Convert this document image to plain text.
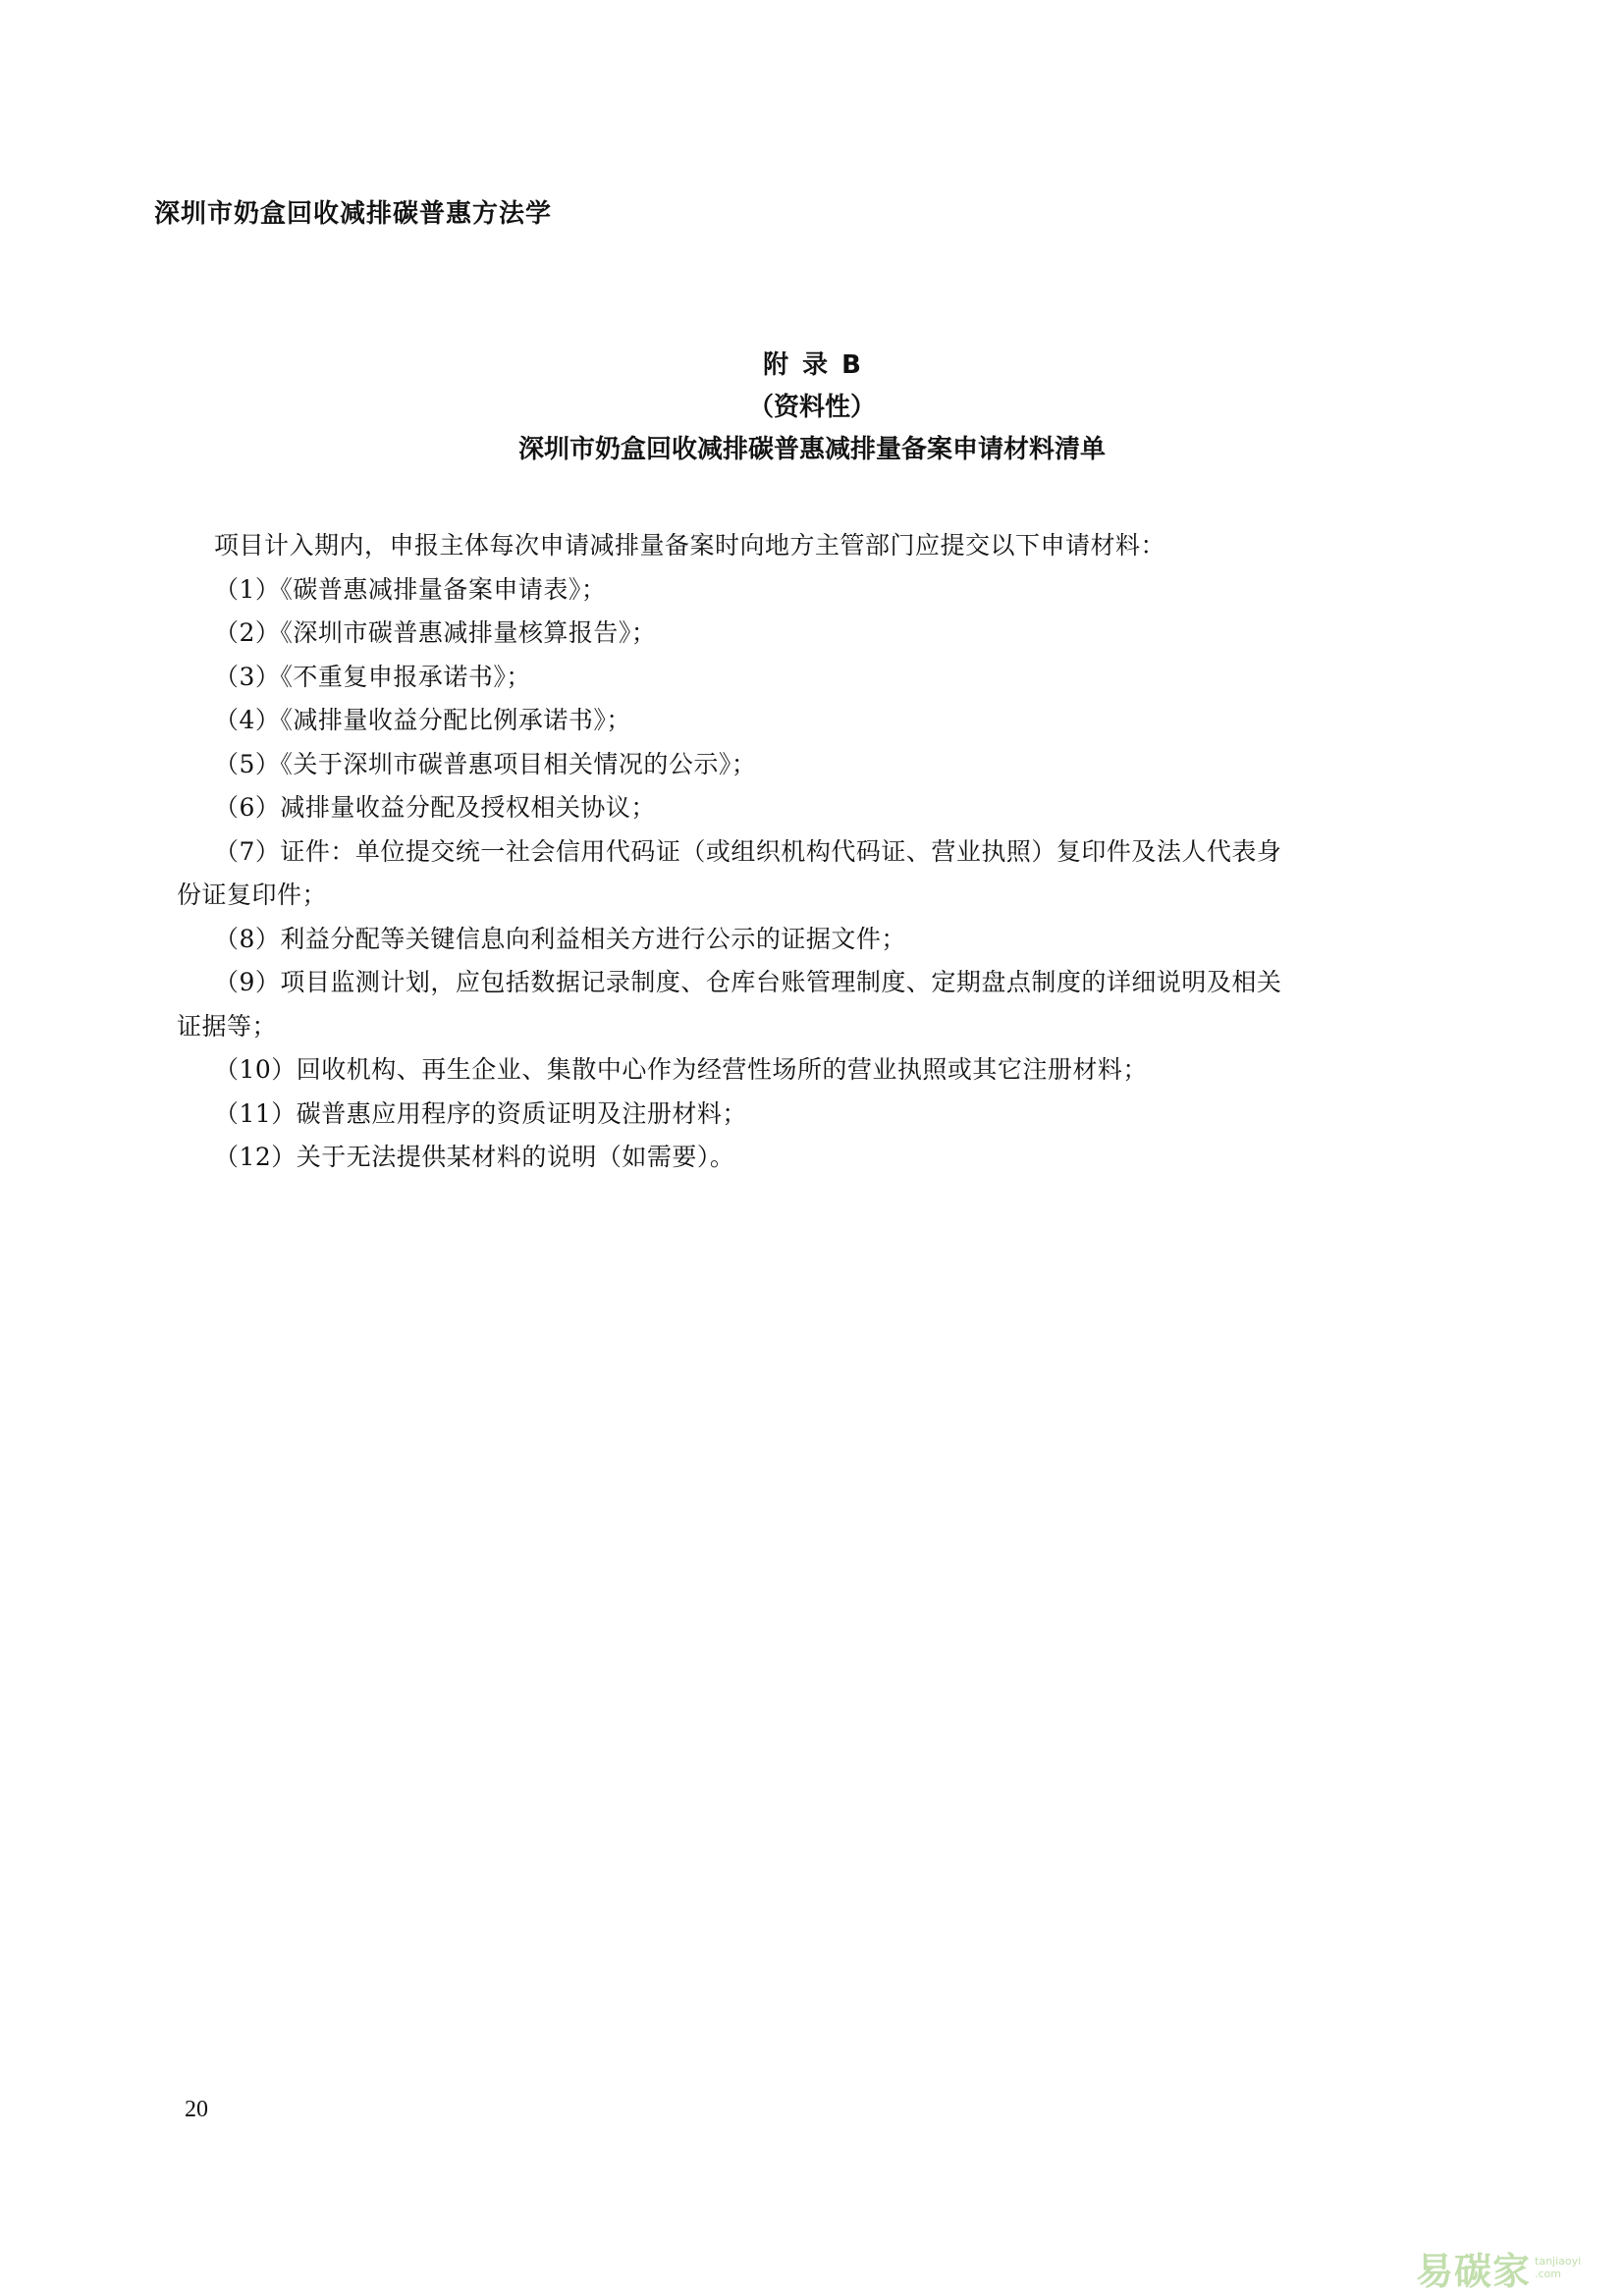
深圳市奶盒回收减排碳普惠方法学
附录B
（资料性）
深圳市奶盒回收减排碳普惠减排量备案申请材料清单

项目计入期内，申报主体每次申请减排量备案时向地方主管部门应提交以下申请材料：

（1）《碳普惠减排量备案申请表》；

（2）《深圳市碳普惠减排量核算报告》；

（3）《不重复申报承诺书》；

（4）《减排量收益分配比例承诺书》；

（5）《关于深圳市碳普惠项目相关情况的公示》；

（6）减排量收益分配及授权相关协议；

（7）证件：单位提交统一社会信用代码证（或组织机构代码证、营业执照）复印件及法人代表身

份证复印件；

（8）利益分配等关键信息向利益相关方进行公示的证据文件；

（9）项目监测计划，应包括数据记录制度、仓库台账管理制度、定期盘点制度的详细说明及相关

证据等；

（10）回收机构、再生企业、集散中心作为经营性场所的营业执照或其它注册材料；

（11）碳普惠应用程序的资质证明及注册材料；

（12）关于无法提供某材料的说明（如需要）。

20
易碳家 tanjiaoyi
.com
